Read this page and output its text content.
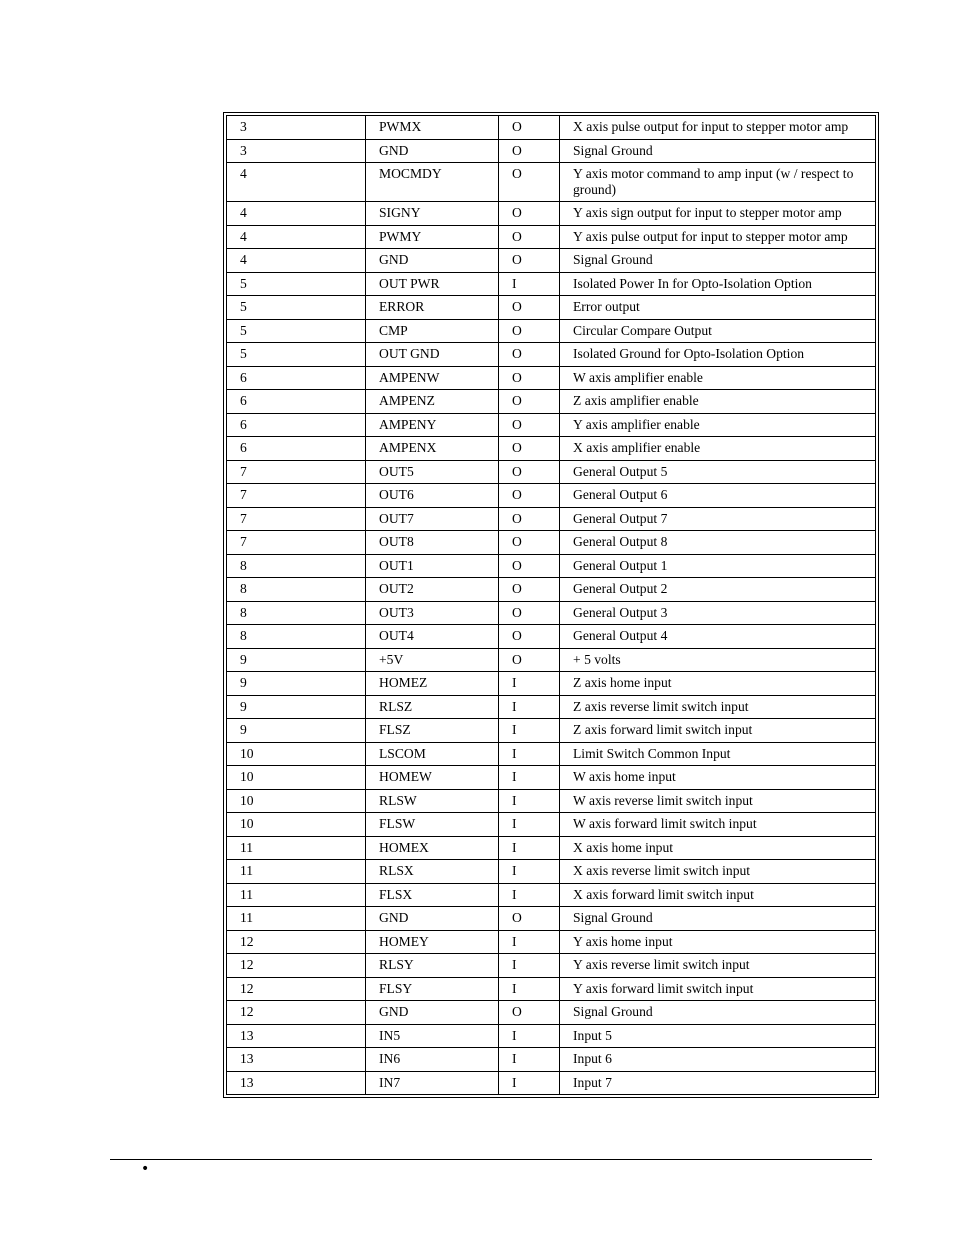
3	PWMX	O	X axis pulse output for input to stepper motor amp
3	GND	O	Signal Ground
4	MOCMDY	O	Y axis motor command to amp input (w / respect to ground)
4	SIGNY	O	Y axis sign output for input to stepper motor amp
4	PWMY	O	Y axis pulse output for input to stepper motor amp
4	GND	O	Signal Ground
5	OUT PWR	I	Isolated Power In for Opto-Isolation Option
5	ERROR	O	Error output
5	CMP	O	Circular Compare Output
5	OUT GND	O	Isolated Ground for Opto-Isolation Option
6	AMPENW	O	W axis amplifier enable
6	AMPENZ	O	Z axis amplifier enable
6	AMPENY	O	Y axis amplifier enable
6	AMPENX	O	X axis amplifier enable
7	OUT5	O	General Output 5
7	OUT6	O	General Output 6
7	OUT7	O	General Output 7
7	OUT8	O	General Output 8
8	OUT1	O	General Output 1
8	OUT2	O	General Output 2
8	OUT3	O	General Output 3
8	OUT4	O	General Output 4
9	+5V	O	+ 5 volts
9	HOMEZ	I	Z axis home input
9	RLSZ	I	Z axis reverse limit switch input
9	FLSZ	I	Z axis forward limit switch input
10	LSCOM	I	Limit Switch Common Input
10	HOMEW	I	W axis home input
10	RLSW	I	W axis reverse limit switch input
10	FLSW	I	W axis forward limit switch input
11	HOMEX	I	X axis home input
11	RLSX	I	X axis reverse limit switch input
11	FLSX	I	X axis forward limit switch input
11	GND	O	Signal Ground
12	HOMEY	I	Y axis home input
12	RLSY	I	Y axis reverse limit switch input
12	FLSY	I	Y axis forward limit switch input
12	GND	O	Signal Ground
13	IN5	I	Input 5
13	IN6	I	Input 6
13	IN7	I	Input 7
•
